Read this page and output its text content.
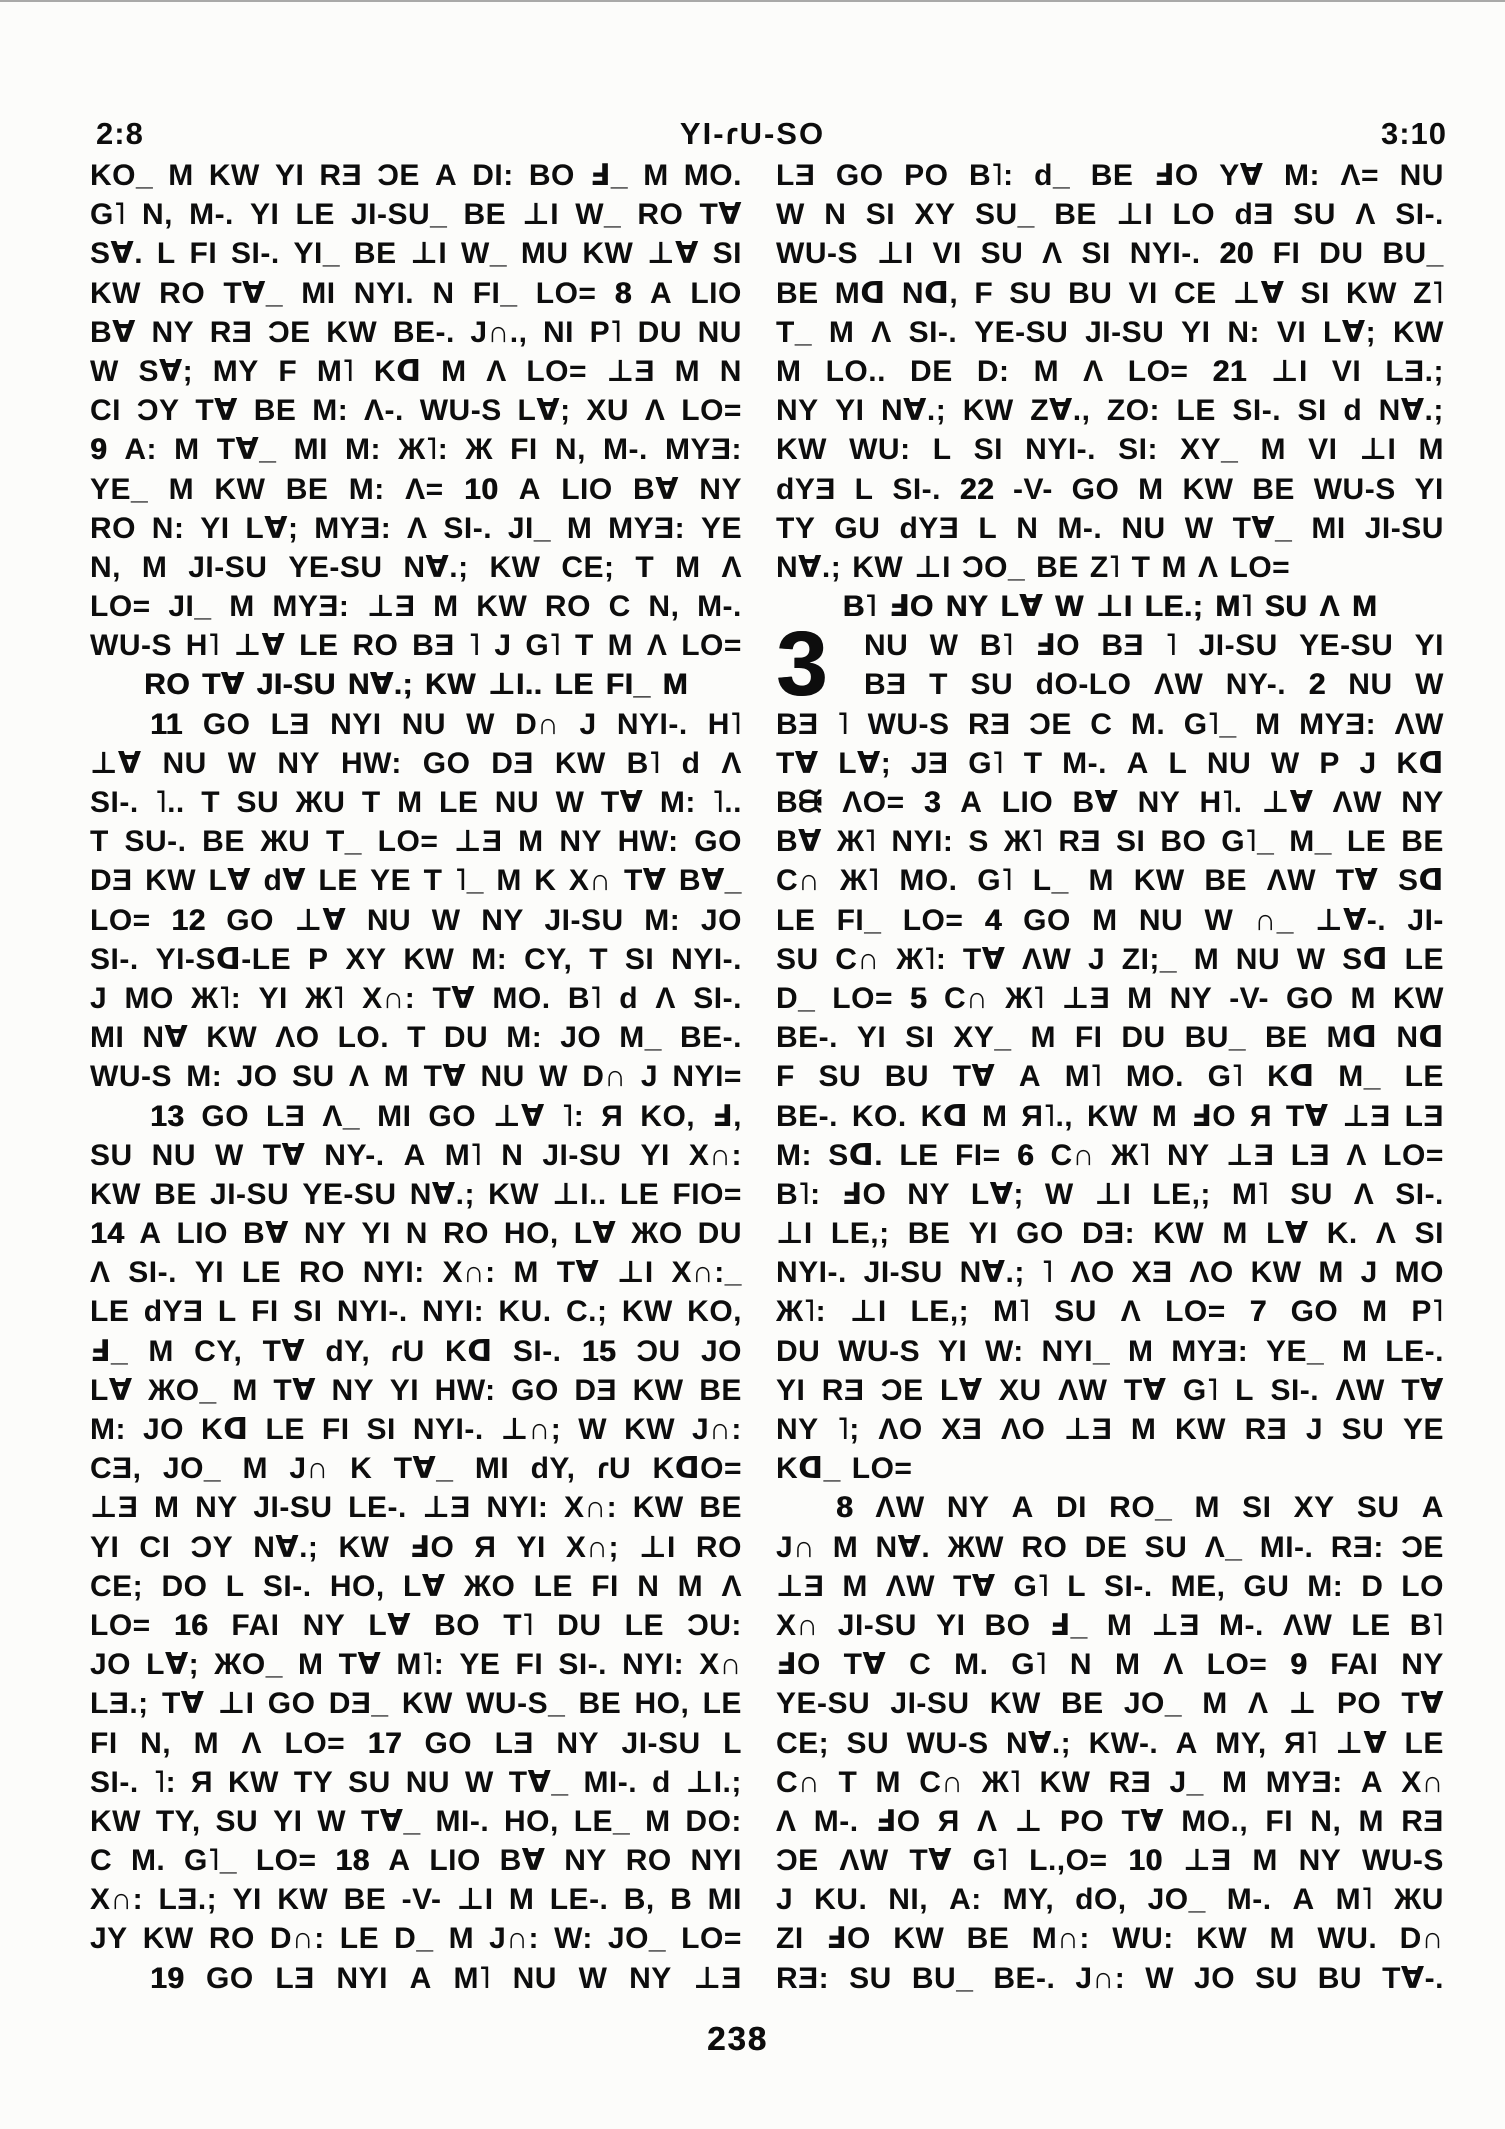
2:8	YI-ɾU-SO	3:10
KO_ M KW YI RƎ ƆE A DI: BO Ⅎ_ M MO.
G˥ N, M-. YI LE JI-SU_ BE ⊥I W_ RO T∀
S∀. L FI SI-. YI_ BE ⊥I W_ MU KW ⊥∀ SI
KW RO T∀_ MI NYI. N FI_ LO= 8 A LIO
B∀ NY RƎ ƆE KW BE-. J∩., NI P˥ DU NU
W S∀; MY F M˥ Kᗡ M Λ LO= ⊥Ǝ M N
CI ƆY T∀ BE M: Λ-. WU-S L∀; XU Λ LO=
9 A: M T∀_ MI M: Ж˥: Ж FI N, M-. MYƎ:
YE_ M KW BE M: Λ= 10 A LIO B∀ NY
RO N: YI L∀; MYƎ: Λ SI-. JI_ M MYƎ: YE
N, M JI-SU YE-SU N∀.; KW CE; T M Λ
LO= JI_ M MYƎ: ⊥Ǝ M KW RO C N, M-.
WU-S H˥ ⊥∀ LE RO BƎ ˥ J G˥ T M Λ LO=
RO T∀ JI-SU N∀.; KW ⊥I.. LE FI_ M
11 GO LƎ NYI NU W D∩ J NYI-. H˥
⊥∀ NU W NY HW: GO DƎ KW B˥ d Λ
SI-. ˥.. T SU ЖU T M LE NU W T∀ M: ˥..
T SU-. BE ЖU T_ LO= ⊥Ǝ M NY HW: GO
DƎ KW L∀ d∀ LE YE T ˥_ M K X∩ T∀ B∀_
LO= 12 GO ⊥∀ NU W NY JI-SU M: JO
SI-. YI-Sᗡ-LE P XY KW M: CY, T SI NYI-.
J MO Ж˥: YI Ж˥ X∩: T∀ MO. B˥ d Λ SI-.
MI N∀ KW ΛO LO. T DU M: JO M_ BE-.
WU-S M: JO SU Λ M T∀ NU W D∩ J NYI=
13 GO LƎ Λ_ MI GO ⊥∀ ˥: Я KO, Ⅎ,
SU NU W T∀ NY-. A M˥ N JI-SU YI X∩:
KW BE JI-SU YE-SU N∀.; KW ⊥I.. LE FIO=
14 A LIO B∀ NY YI N RO HO, L∀ ЖO DU
Λ SI-. YI LE RO NYI: X∩: M T∀ ⊥I X∩:_
LE dYƎ L FI SI NYI-. NYI: KU. C.; KW KO,
Ⅎ_ M CY, T∀ dY, ɾU Kᗡ SI-. 15 ƆU JO
L∀ ЖO_ M T∀ NY YI HW: GO DƎ KW BE
M: JO Kᗡ LE FI SI NYI-. ⊥∩; W KW J∩:
CƎ, JO_ M J∩ K T∀_ MI dY, ɾU KᗡO=
⊥Ǝ M NY JI-SU LE-. ⊥Ǝ NYI: X∩: KW BE
YI CI ƆY N∀.; KW ℲO Я YI X∩; ⊥I RO
CE; DO L SI-. HO, L∀ ЖO LE FI N M Λ
LO= 16 FAI NY L∀ BO T˥ DU LE ƆU:
JO L∀; ЖO_ M T∀ M˥: YE FI SI-. NYI: X∩
LƎ.; T∀ ⊥I GO DƎ_ KW WU-S_ BE HO, LE
FI N, M Λ LO= 17 GO LƎ NY JI-SU L
SI-. ˥: Я KW TY SU NU W T∀_ MI-. d ⊥I.;
KW TY, SU YI W T∀_ MI-. HO, LE_ M DO:
C M. G˥_ LO= 18 A LIO B∀ NY RO NYI
X∩: LƎ.; YI KW BE -V- ⊥I M LE-. B, B MI
JY KW RO D∩: LE D_ M J∩: W: JO_ LO=
19 GO LƎ NYI A M˥ NU W NY ⊥Ǝ
3
LƎ GO PO B˥: d_ BE ℲO Y∀ M: Λ= NU
W N SI XY SU_ BE ⊥I LO dƎ SU Λ SI-.
WU-S ⊥I VI SU Λ SI NYI-. 20 FI DU BU_
BE Mᗡ Nᗡ, F SU BU VI CE ⊥∀ SI KW Z˥
T_ M Λ SI-. YE-SU JI-SU YI N: VI L∀; KW
M LO.. DE D: M Λ LO= 21 ⊥I VI LƎ.;
NY YI N∀.; KW Z∀., ZO: LE SI-. SI d N∀.;
KW WU: L SI NYI-. SI: XY_ M VI ⊥I M
dYƎ L SI-. 22 -V- GO M KW BE WU-S YI
TY GU dYƎ L N M-. NU W T∀_ MI JI-SU
N∀.; KW ⊥I ƆO_ BE Z˥ T M Λ LO=
B˥ ℲO NY L∀ W ⊥I LE.; M˥ SU Λ M
NU W B˥ ℲO BƎ ˥ JI-SU YE-SU YI
BƎ T SU dO-LO ΛW NY-. 2 NU W
BƎ ˥ WU-S RƎ ƆE C M. G˥_ M MYƎ: ΛW
T∀ L∀; JƎ G˥ T M-. A L NU W P J Kᗡ
Bᙠ ΛO= 3 A LIO B∀ NY H˥. ⊥∀ ΛW NY
B∀ Ж˥ NYI: S Ж˥ RƎ SI BO G˥_ M_ LE BE
C∩ Ж˥ MO. G˥ L_ M KW BE ΛW T∀ Sᗡ
LE FI_ LO= 4 GO M NU W ∩_ ⊥∀-. JI-
SU C∩ Ж˥: T∀ ΛW J ZI;_ M NU W Sᗡ LE
D_ LO= 5 C∩ Ж˥ ⊥Ǝ M NY -V- GO M KW
BE-. YI SI XY_ M FI DU BU_ BE Mᗡ Nᗡ
F SU BU T∀ A M˥ MO. G˥ Kᗡ M_ LE
BE-. KO. Kᗡ M Я˥., KW M ℲO Я T∀ ⊥Ǝ LƎ
M: Sᗡ. LE FI= 6 C∩ Ж˥ NY ⊥Ǝ LƎ Λ LO=
B˥: ℲO NY L∀; W ⊥I LE,; M˥ SU Λ SI-.
⊥I LE,; BE YI GO DƎ: KW M L∀ K. Λ SI
NYI-. JI-SU N∀.; ˥ ΛO XƎ ΛO KW M J MO
Ж˥: ⊥I LE,; M˥ SU Λ LO= 7 GO M P˥
DU WU-S YI W: NYI_ M MYƎ: YE_ M LE-.
YI RƎ ƆE L∀ XU ΛW T∀ G˥ L SI-. ΛW T∀
NY ˥; ΛO XƎ ΛO ⊥Ǝ M KW RƎ J SU YE
Kᗡ_ LO=
8 ΛW NY A DI RO_ M SI XY SU A
J∩ M N∀. ЖW RO DE SU Λ_ MI-. RƎ: ƆE
⊥Ǝ M ΛW T∀ G˥ L SI-. ME, GU M: D LO
X∩ JI-SU YI BO Ⅎ_ M ⊥Ǝ M-. ΛW LE B˥
ℲO T∀ C M. G˥ N M Λ LO= 9 FAI NY
YE-SU JI-SU KW BE JO_ M Λ ⊥ PO T∀
CE; SU WU-S N∀.; KW-. A MY, Я˥ ⊥∀ LE
C∩ T M C∩ Ж˥ KW RƎ J_ M MYƎ: A X∩
Λ M-. ℲO Я Λ ⊥ PO T∀ MO., FI N, M RƎ
ƆE ΛW T∀ G˥ L.,O= 10 ⊥Ǝ M NY WU-S
J KU. NI, A: MY, dO, JO_ M-. A M˥ ЖU
ZI ℲO KW BE M∩: WU: KW M WU. D∩
RƎ: SU BU_ BE-. J∩: W JO SU BU T∀-.
238
